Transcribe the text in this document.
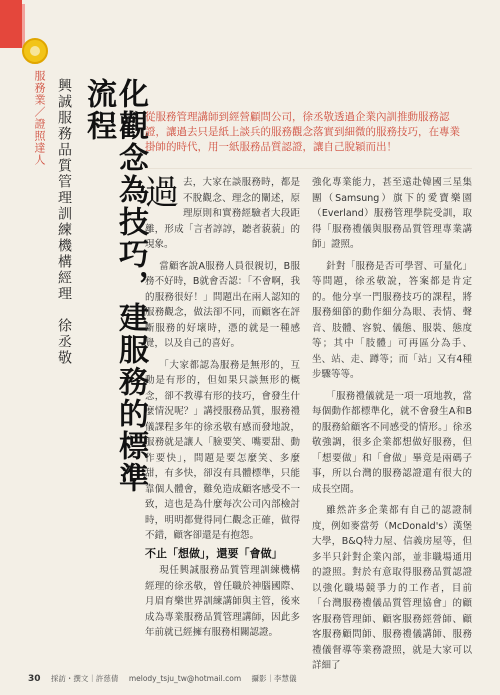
服務業／證照達人	化觀念為技巧，建服務的標準流程
興誠服務品質管理訓練機構經理　徐丞敬	從服務管理講師到經營顧問公司，徐丞敬透過企業內訓推動服務認證，讓過去只是紙上談兵的服務觀念落實到細微的服務技巧，在專業掛帥的時代，用一紙服務品質認證，讓自己脫穎而出！

過去，大家在談服務時，都是不脫觀念、理念的闡述，原理原則和實務經驗者大段距離，形成「言者諄諄，聽者藐藐」的現象。

當顧客說A服務人員很親切，B服務不好時，B就會否認：「不會啊，我的服務很好！」問題出在兩人認知的服務觀念，做法卻不同，而顧客在評斷服務的好壞時，憑的就是一種感覺，以及自己的喜好。

「大家都認為服務是無形的，互動是有形的，但如果只談無形的概念，卻不教導有形的技巧，會發生什麼情況呢？」講授服務品質，服務禮儀課程多年的徐丞敬有感而發地說，服務就是讓人「臉要笑、嘴要甜、動作要快」，問題是要怎麼笑、多麼甜，有多快，卻沒有具體標準，只能靠個人體會，難免造成顧客感受不一致，這也是為什麼每次公司內部檢討時，明明都覺得同仁觀念正確，做得不錯，顧客卻還是有抱怨。

不止「想做」，還要「會做」

現任興誠服務品質管理訓練機構經理的徐丞敬，曾任職於神腦國際、月眉育樂世界訓練講師與主管，後來成為專業服務品質管理講師，因此多年前就已經擁有服務相關認證。

強化專業能力，甚至遠赴韓國三星集團（Samsung）旗下的愛寶樂園（Everland）服務管理學院受訓，取得「服務禮儀與服務品質管理專業講師」證照。

針對「服務是否可學習、可量化」等問題，徐丞敬說，答案都是肯定的。他分享一門服務技巧的課程，將服務細節的動作細分為眼、表情、聲音、肢體、容貌、儀態、服裝、態度等；其中「肢體」可再區分為手、坐、站、走、蹲等；而「站」又有4種步驟等等。

「服務禮儀就是一項一項地教，當每個動作都標準化，就不會發生A和B的服務給顧客不同感受的情形。」徐丞敬強調，很多企業都想做好服務，但「想要做」和「會做」畢竟是兩碼子事，所以台灣的服務認證還有很大的成長空間。

雖然許多企業都有自己的認證制度，例如麥當勞（McDonald's）漢堡大學，B&Q特力屋、信義房屋等，但多半只針對企業內部，並非職場通用的證照。對於有意取得服務品質認證以強化職場競爭力的工作者，目前「台灣服務禮儀品質管理協會」的顧客服務管理師、顧客服務經營師、顧客服務顧問師、服務禮儀講師、服務禮儀督導等業務證照，就是大家可以詳細了

30 採訪・撰文｜許慈倩 melody_tsju_tw@hotmail.com 攝影｜李慧儀
